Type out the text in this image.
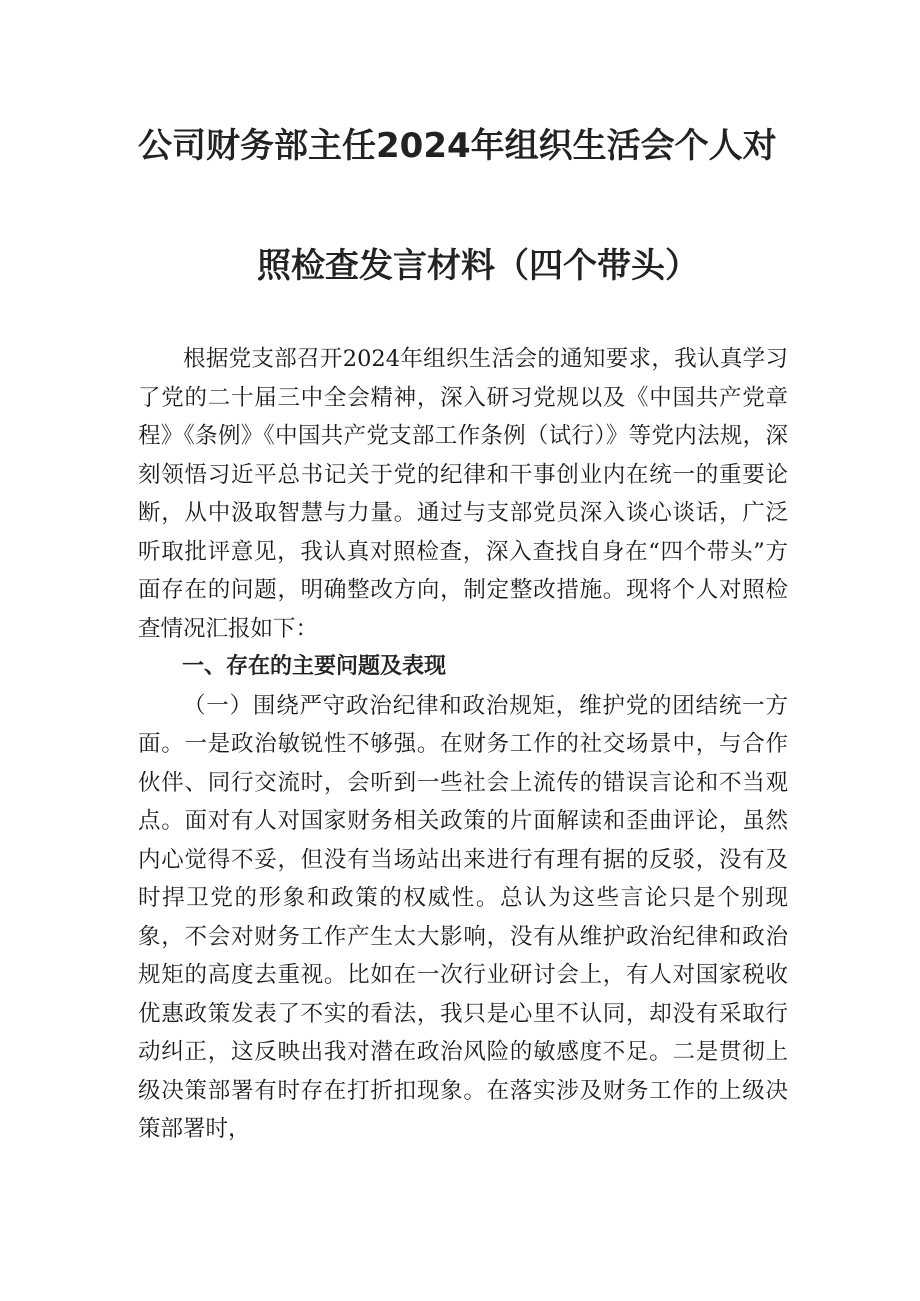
公司财务部主任2024年组织生活会个人对
照检查发言材料（四个带头）

根据党支部召开2024年组织生活会的通知要求，我认真学习了党的二十届三中全会精神，深入研习党规以及《中国共产党章程》《条例》《中国共产党支部工作条例（试行）》等党内法规，深刻领悟习近平总书记关于党的纪律和干事创业内在统一的重要论断，从中汲取智慧与力量。通过与支部党员深入谈心谈话，广泛听取批评意见，我认真对照检查，深入查找自身在“四个带头”方面存在的问题，明确整改方向，制定整改措施。现将个人对照检查情况汇报如下：

一、存在的主要问题及表现

（一）围绕严守政治纪律和政治规矩，维护党的团结统一方面。一是政治敏锐性不够强。在财务工作的社交场景中，与合作伙伴、同行交流时，会听到一些社会上流传的错误言论和不当观点。面对有人对国家财务相关政策的片面解读和歪曲评论，虽然内心觉得不妥，但没有当场站出来进行有理有据的反驳，没有及时捍卫党的形象和政策的权威性。总认为这些言论只是个别现象，不会对财务工作产生太大影响，没有从维护政治纪律和政治规矩的高度去重视。比如在一次行业研讨会上，有人对国家税收优惠政策发表了不实的看法，我只是心里不认同，却没有采取行动纠正，这反映出我对潜在政治风险的敏感度不足。二是贯彻上级决策部署有时存在打折扣现象。在落实涉及财务工作的上级决策部署时，
